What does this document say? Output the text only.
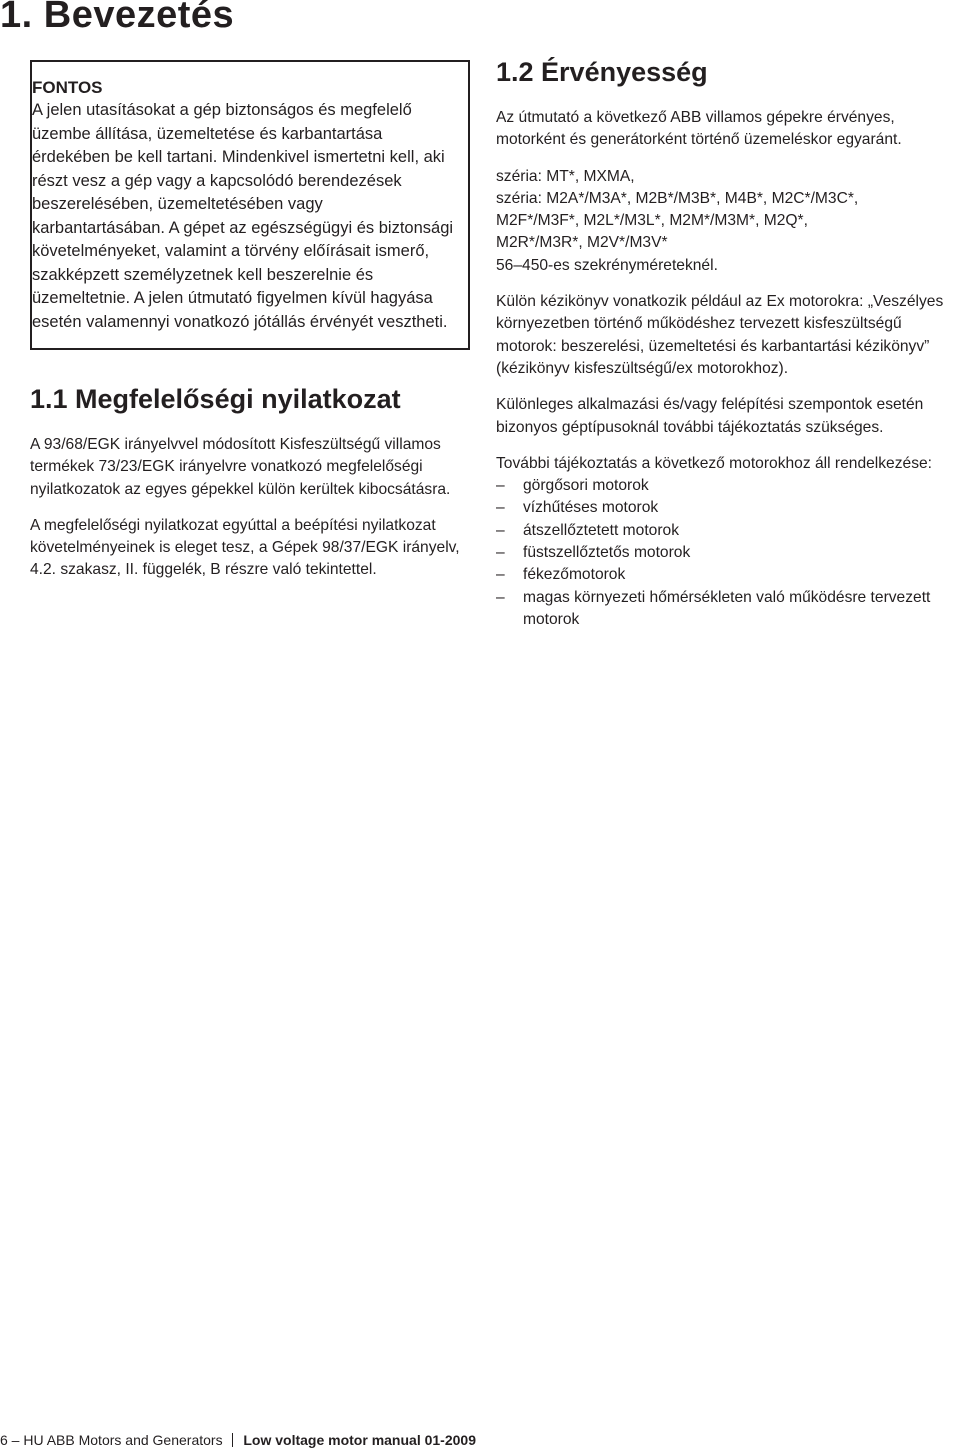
1. Bevezetés

FONTOS

A jelen utasításokat a gép biztonságos és megfelelő üzembe állítása, üzemeltetése és karbantartása érdekében be kell tartani. Mindenkivel ismertetni kell, aki részt vesz a gép vagy a kapcsolódó berendezések beszerelésében, üzemeltetésében vagy karbantartásában. A gépet az egészségügyi és biztonsági követelményeket, valamint a törvény előírásait ismerő, szakképzett személyzetnek kell beszerelnie és üzemeltetnie. A jelen útmutató figyelmen kívül hagyása esetén valamennyi vonatkozó jótállás érvényét vesztheti.

1.1 Megfelelőségi nyilatkozat

A 93/68/EGK irányelvvel módosított Kisfeszültségű villamos termékek 73/23/EGK irányelvre vonatkozó megfelelőségi nyilatkozatok az egyes gépekkel külön kerültek kibocsátásra.

A megfelelőségi nyilatkozat egyúttal a beépítési nyilatkozat követelményeinek is eleget tesz, a Gépek 98/37/EGK irányelv, 4.2. szakasz, II. függelék, B részre való tekintettel.

1.2 Érvényesség

Az útmutató a következő ABB villamos gépekre érvényes, motorként és generátorként történő üzemeléskor egyaránt.

széria: MT*, MXMA,
széria: M2A*/M3A*, M2B*/M3B*, M4B*, M2C*/M3C*,
M2F*/M3F*, M2L*/M3L*, M2M*/M3M*, M2Q*,
M2R*/M3R*, M2V*/M3V*
56–450-es szekrényméreteknél.

Külön kézikönyv vonatkozik például az Ex motorokra: „Veszélyes környezetben történő működéshez tervezett kisfeszültségű motorok: beszerelési, üzemeltetési és karbantartási kézikönyv” (kézikönyv kisfeszültségű/ex motorokhoz).

Különleges alkalmazási és/vagy felépítési szempontok esetén bizonyos géptípusoknál további tájékoztatás szükséges.

További tájékoztatás a következő motorokhoz áll rendelkezése:

– görgősori motorok
– vízhűtéses motorok
– átszellőztetett motorok
– füstszellőztetős motorok
– fékezőmotorok
– magas környezeti hőmérsékleten való működésre tervezett motorok
6 – HU ABB Motors and Generators Low voltage motor manual 01-2009
